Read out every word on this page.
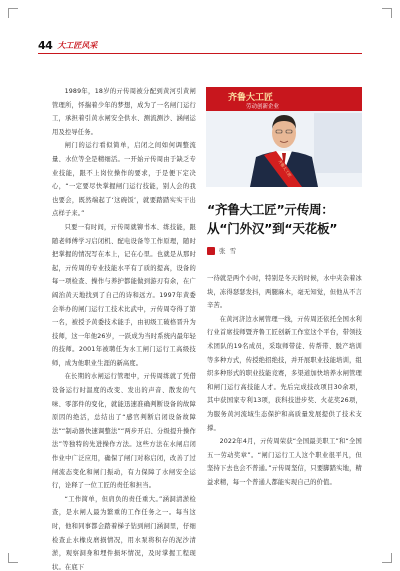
44 大工匠风采

1989年，18岁的亓传周被分配到黄河引黄闸管理所，怀揣着少年的梦想，成为了一名闸门运行工，承担着引黄水闸安全供水、测流测沙、涵闸运用及控导任务。

闸门的运行看似简单，启闭之间如何调整流量、水位等全是精细活。一开始亓传周由于缺乏专业技能，跟不上岗位操作的要求，于是便下定决心，“一定要尽快掌握闸门运行技能，别人会的我也要会，既然端起了‘这碗饭’，就要踏踏实实干出点样子来。”

只要一有时间，亓传周就铆书本、练技能，跟随老师傅学习启闭机、配电设备等工作原理，随时把掌握的情况写在本上，记在心里。也就是从那时起，亓传周的专业技能水平有了质的提高，设备的每一项检查、操作与养护都能做到游刃有余，在广阔治黄天地找到了自己的诗和远方。1997年黄委会举办的闸门运行工技术比武中，亓传周夺得了第一名，被授予黄委技术能手，由初级工破格晋升为技师，这一年他26岁，一跃成为当时系统内最年轻的技师。2001年被聘任为水工闸门运行工高级技师，成为他职业生涯的新高度。

在长期的水闸运行管理中，亓传周练就了凭借设备运行时温度的改变、发出的声音、散发的气味、零部件的变化，就能迅速准确判断设备的故障原因的绝活，总结出了“感官判断启闭设备故障法”“制动器快速调整法”“两步开启、分级提升操作法”等独特的先进操作方法。这些方法在水闸启闭作业中广泛应用，确保了闸门对称启闭，改善了过闸流态变化和闸门振动，有力保障了水闸安全运行，诠释了一位工匠的责任和担当。

“工作简单，但肩负的责任重大。”涵洞清淤检查，是水闸人最为繁重的工作任务之一。每当这时，他和同事都会踏着梯子钻到闸门涵洞里，仔细检查止水橡皮磨损情况，用水泵将积存的泥沙清淤，观察洞身和埋件损坏情况，及时掌握工程现状。在底下

齐鲁大工匠
劳动创新企业
齐鲁大工匠
“齐鲁大工匠”亓传周：
从“门外汉”到“天花板”
张 雪

一待就是两个小时，特别是冬天的时候，水中夹杂着冰块，冻得瑟瑟发抖，两腿麻木，毫无知觉，但他从不言辛苦。

在黄河济边水闸管理一线，亓传周还依托全国水利行业首席技师暨齐鲁工匠创新工作室这个平台，带领技术团队的19名成员，采取师带徒、传帮带、脱产培训等多种方式，传授绝招绝技，并开展职业技能培训，组织多种形式的职业技能竞赛，多渠道加快培养水闸管理和闸门运行高技能人才。先后完成技改项目30余项，其中获国家专利13项，获科技进步奖、火花奖26项，为服务黄河流域生态保护和高质量发展提供了技术支撑。

2022年4月，亓传周荣获“全国最美职工”和“全国五一劳动奖章”。“闸门运行工人这个职业很平凡，但坚持下去也会不普通。”亓传周坚信，只要脚踏实地，精益求精，每一个普通人都能实现自己的价值。
